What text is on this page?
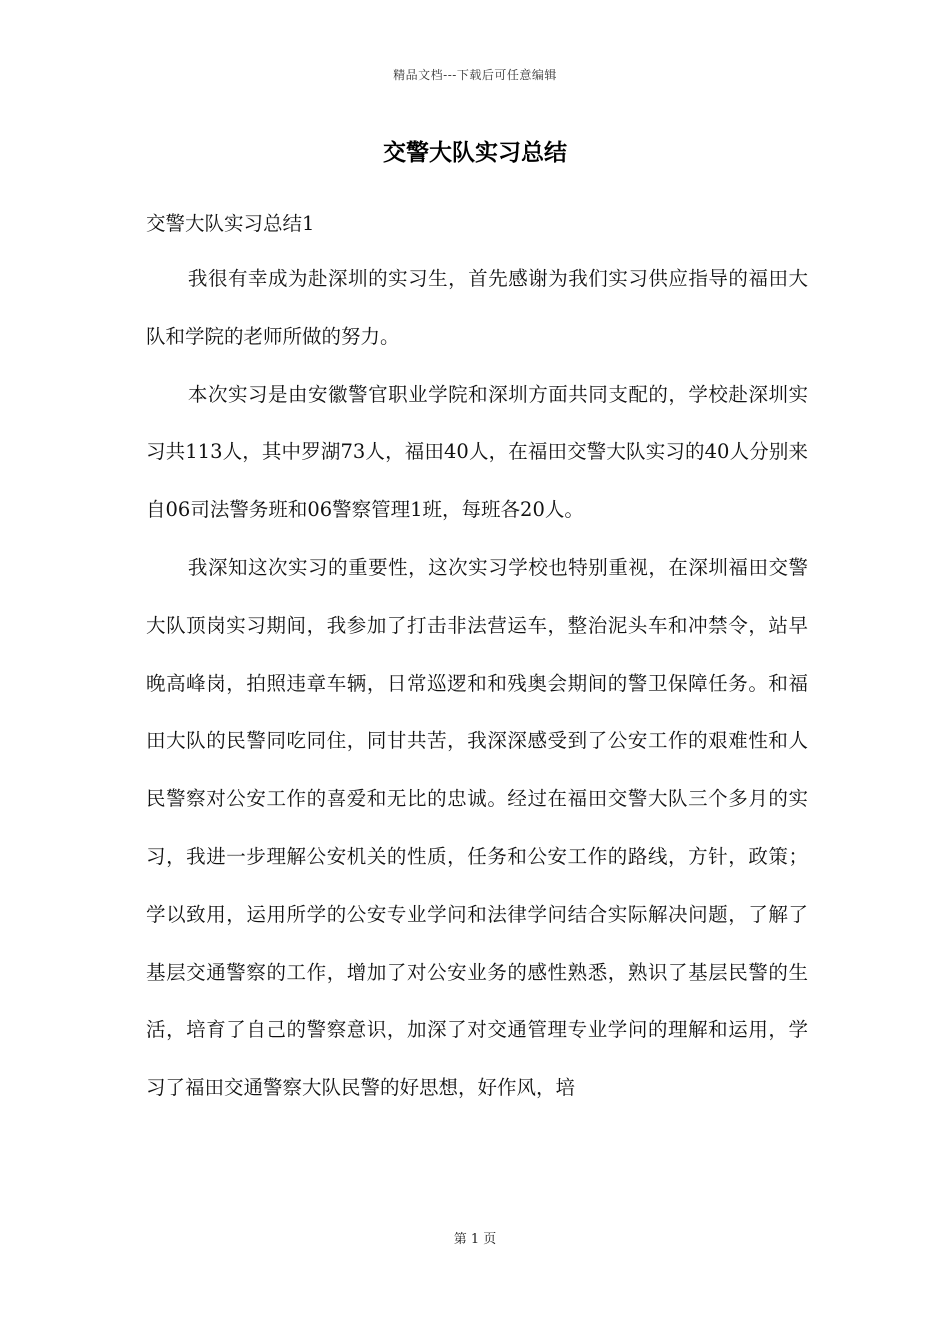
精品文档---下载后可任意编辑
交警大队实习总结

交警大队实习总结1

我很有幸成为赴深圳的实习生，首先感谢为我们实习供应指导的福田大队和学院的老师所做的努力。

本次实习是由安徽警官职业学院和深圳方面共同支配的，学校赴深圳实习共113人，其中罗湖73人，福田40人，在福田交警大队实习的40人分别来自06司法警务班和06警察管理1班，每班各20人。

我深知这次实习的重要性，这次实习学校也特别重视，在深圳福田交警大队顶岗实习期间，我参加了打击非法营运车，整治泥头车和冲禁令，站早晚高峰岗，拍照违章车辆，日常巡逻和和残奥会期间的警卫保障任务。和福田大队的民警同吃同住，同甘共苦，我深深感受到了公安工作的艰难性和人民警察对公安工作的喜爱和无比的忠诚。经过在福田交警大队三个多月的实习，我进一步理解公安机关的性质，任务和公安工作的路线，方针，政策；学以致用，运用所学的公安专业学问和法律学问结合实际解决问题，了解了基层交通警察的工作，增加了对公安业务的感性熟悉，熟识了基层民警的生活，培育了自己的警察意识，加深了对交通管理专业学问的理解和运用，学习了福田交通警察大队民警的好思想，好作风，培

第 1 页
